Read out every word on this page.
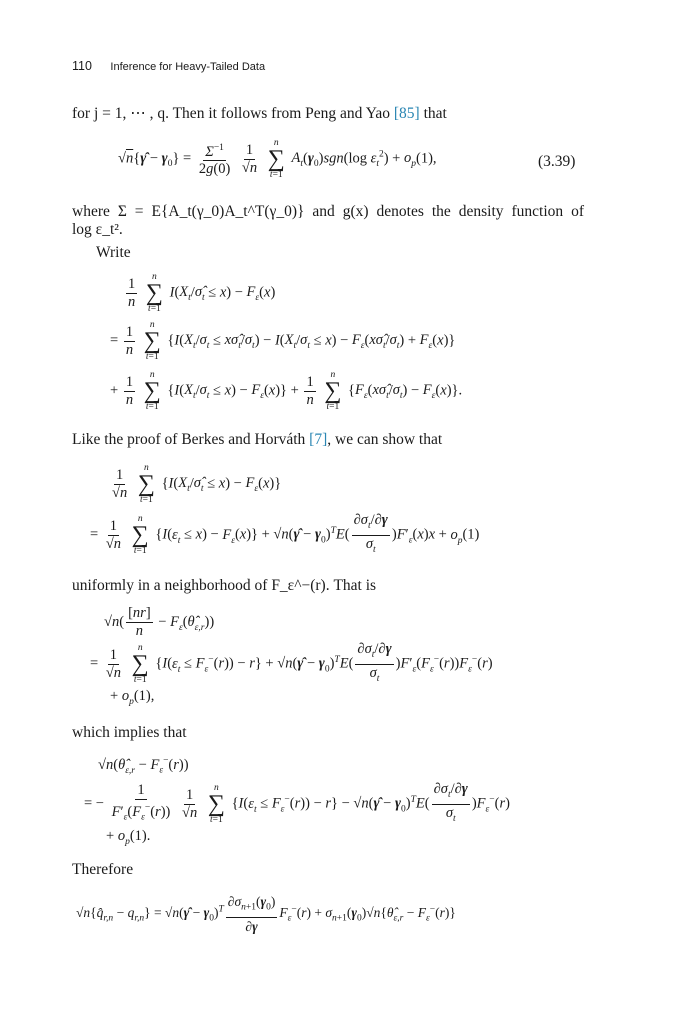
110 Inference for Heavy-Tailed Data
for j = 1, ⋯ , q. Then it follows from Peng and Yao [85] that
√n{γ̂ − $\gamma_0\} = \frac{\Sigma^{-1}}{2g(0)}$
$\frac{1}{√n}$
n
∑
t=1
$A_t(\gamma_0)sgn(\log$ $\varepsilon_t^2) + o_p(1)$,	(3.39)
where Σ = E{A_t(γ_0)A_t^T(γ_0)} and g(x) denotes the density function of
log ε_t².
Write
$\frac{1}{n}$
n
∑
t=1
$I(X_t/\sigmâ_t \le x) - F_\varepsilon(x)$
= $\frac{1}{n}$
n
∑
t=1
{$I(X_t/\sigma_t$ ≤ $x\sigmâ_t/\sigma_t) - I(X_t/\sigma_t \le x)$ − $F_\varepsilon(x\sigmâ_t/\sigma_t) + F_\varepsilon(x)$}
+ $\frac{1}{n}$
n
∑
t=1
$\{I(X_t/\sigma_t \le x) - F_\varepsilon(x)\} + \frac{1}{n}$
n
∑
t=1
$\{F_\varepsilon(x\sigmâ_t/\sigma_t) - F_\varepsilon(x)\}$.
Like the proof of Berkes and Horváth [7], we can show that
$\frac{1}{√n}$
n
∑
t=1
$\{I(X_t/\sigmâ_t \le x) - F_\varepsilon(x)\}$
= $\frac{1}{√n}$
n
∑
t=1
$\{I(\varepsilon_t \le x) - F_\varepsilon(x)\}$ + √n(γ̂ − $\gamma_0)^TE( \frac{\partial\sigma_t/\partial\gamma}{\sigma_t} )F'_\varepsilon(x)x + o_p(1)$
uniformly in a neighborhood of F_ε^−(r). That is
$√n( \frac{[nr]}{n}$ − $F_\varepsilon(\thetâ_{\varepsilon,r})$)
= $\frac{1}{√n}$
n
∑
t=1
$\{I(\varepsilon_t \le F_\varepsilon^-(r)) - r\}$ + √n(γ̂ − $\gamma_0)^TE( \frac{\partial\sigma_t/\partial\gamma}{\sigma_t} )F'_\varepsilon(F_\varepsilon^-(r))F_\varepsilon^-(r)$
+ $o_p(1)$,
which implies that
$√n(\thetâ_{\varepsilon,r} - F_\varepsilon^-(r))$
= − $\frac{1}{F'_\varepsilon(F_\varepsilon^-(r))}$
$\frac{1}{√n}$
n
∑
t=1
$\{I(\varepsilon_t \le F_\varepsilon^-(r)) - r\}$ − √n(γ̂ − $\gamma_0)^TE( \frac{\partial\sigma_t/\partial\gamma}{\sigma_t} )F_\varepsilon^-(r)$
+ $o_p(1)$.
Therefore
$√n\{q̂_{r,n} - q_{r,n}\}$ = √n(γ̂ − $\gamma_0)^T \frac{\partial\sigma_{n+1}(\gamma_0)}{\partial\gamma} F_\varepsilon^-(r)$ + $\sigma_{n+1}(\gamma_0)√n\{\thetâ_{\varepsilon,r} - F_\varepsilon^-(r)\}$
